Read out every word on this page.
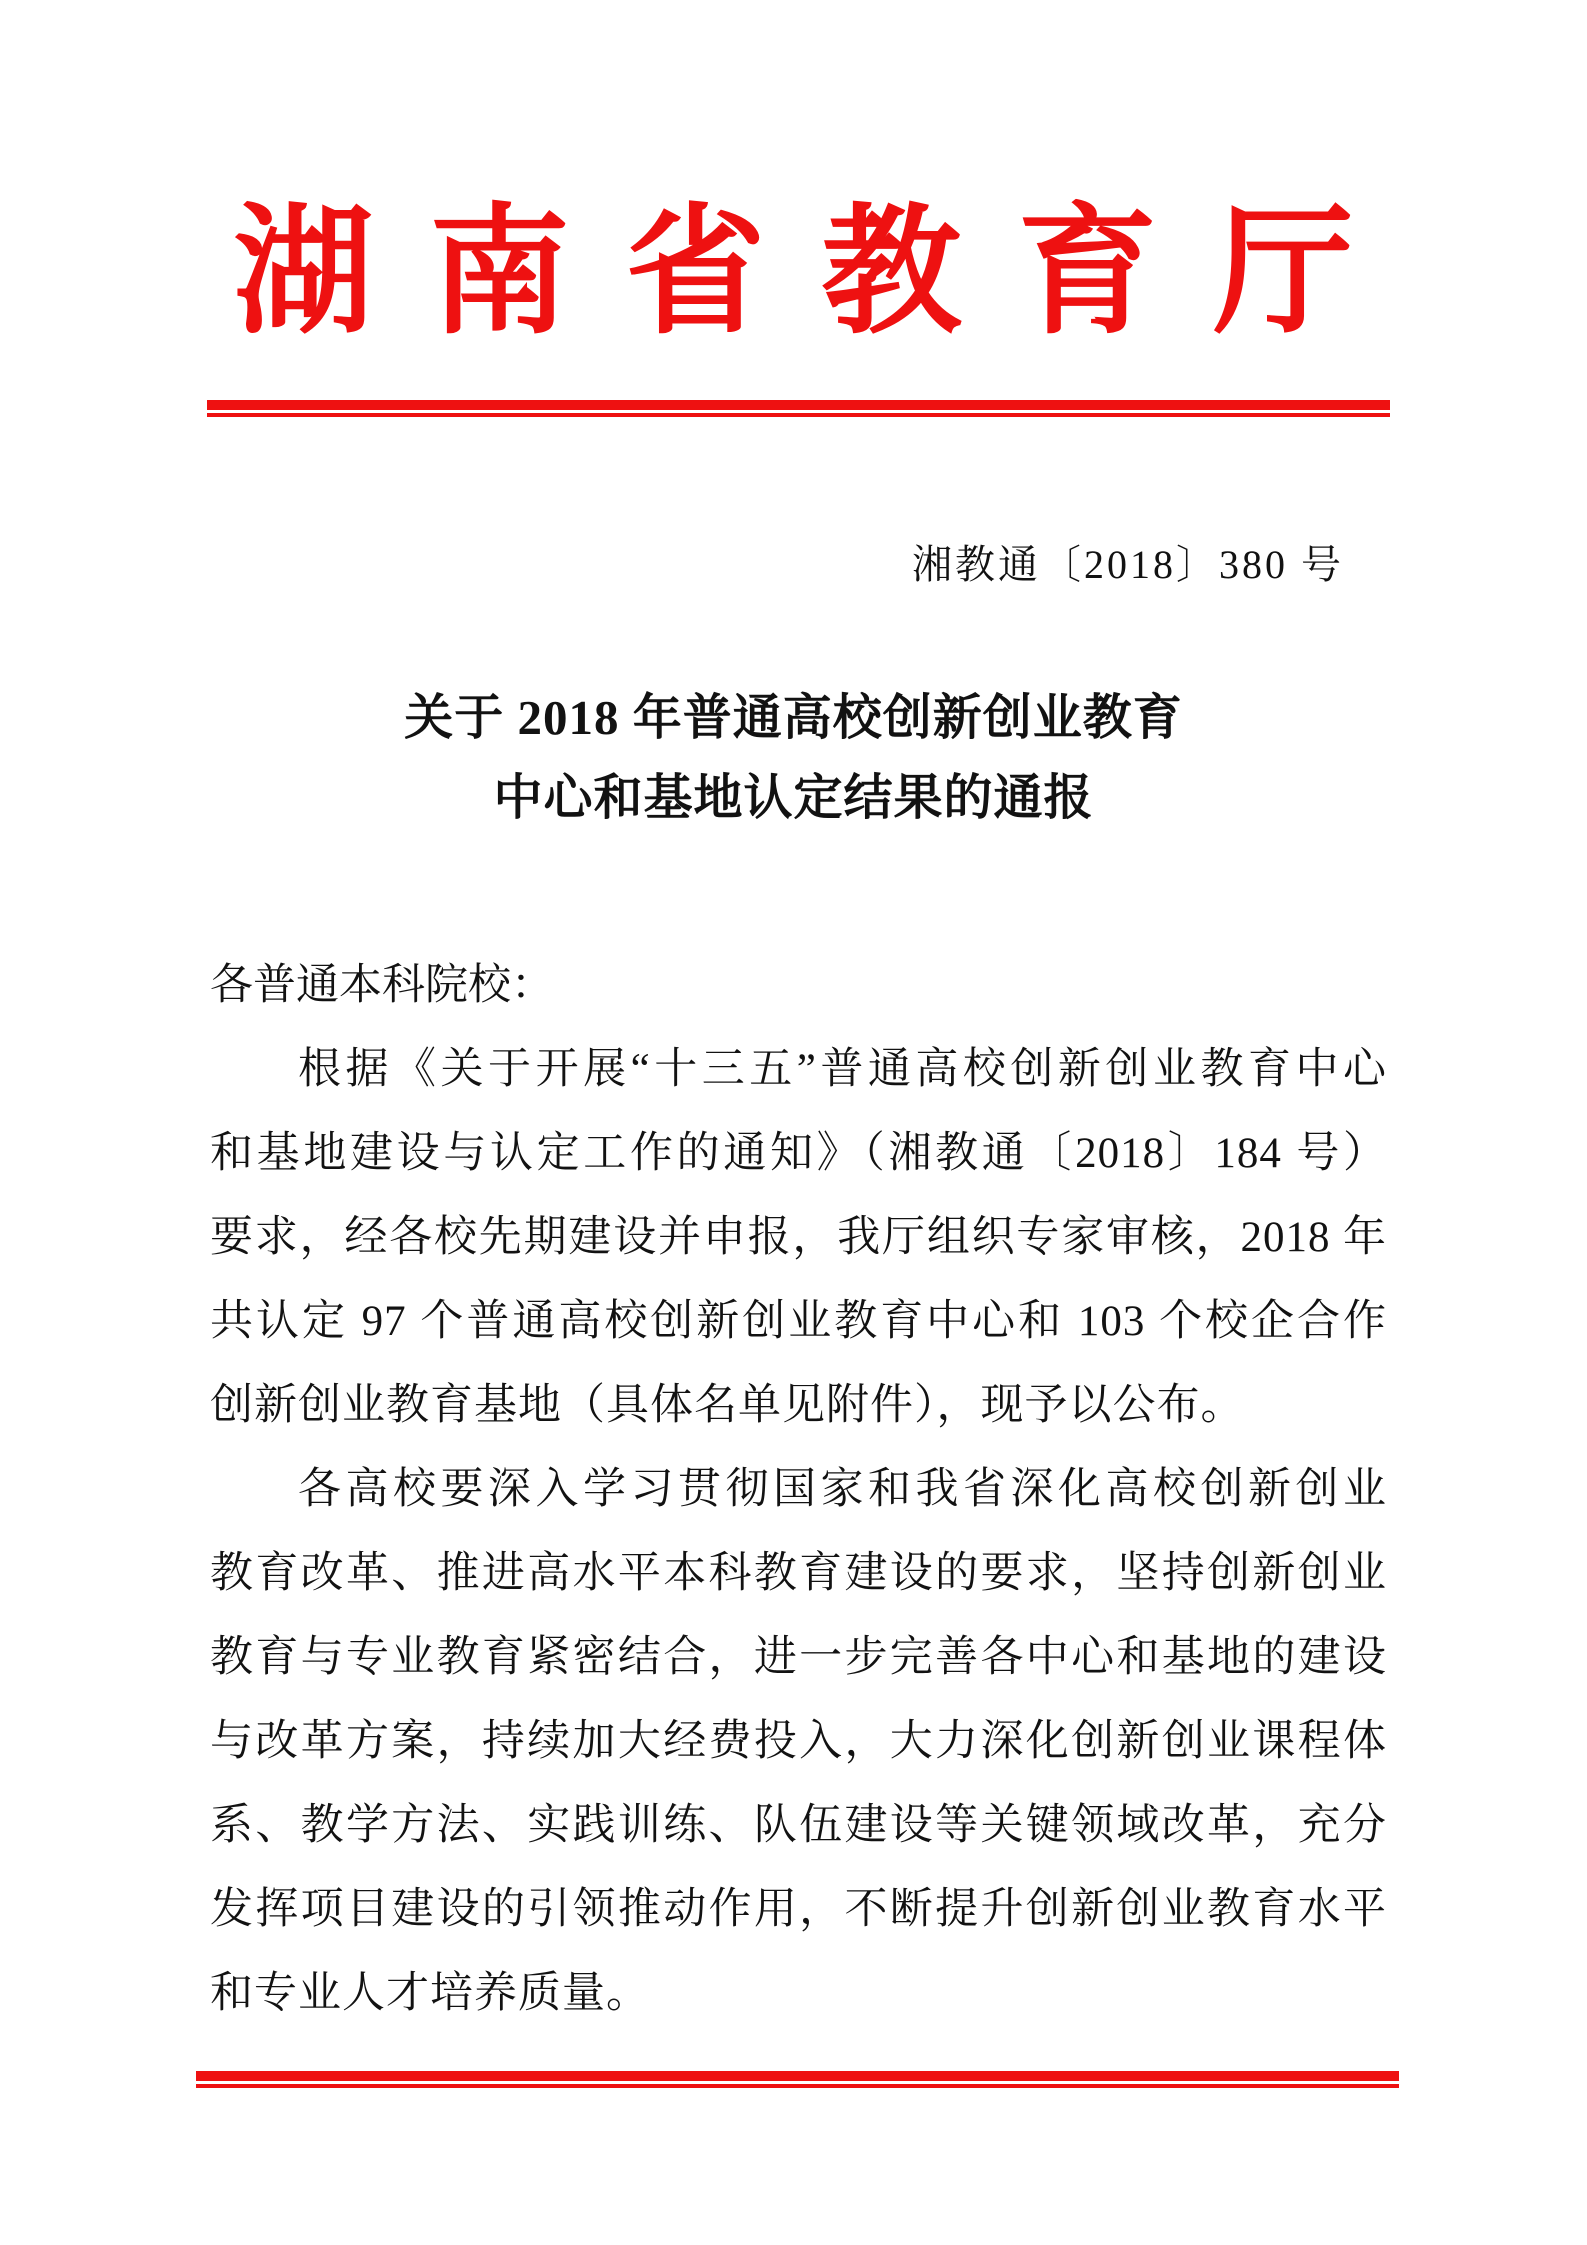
湖南省教育厅
湘教通〔2018〕380 号
关于 2018 年普通高校创新创业教育
中心和基地认定结果的通报
各普通本科院校：
根据《关于开展“十三五”普通高校创新创业教育中心
和基地建设与认定工作的通知》（湘教通〔2018〕184 号）
要求，经各校先期建设并申报，我厅组织专家审核，2018 年
共认定 97 个普通高校创新创业教育中心和 103 个校企合作
创新创业教育基地（具体名单见附件），现予以公布。
各高校要深入学习贯彻国家和我省深化高校创新创业
教育改革、推进高水平本科教育建设的要求，坚持创新创业
教育与专业教育紧密结合，进一步完善各中心和基地的建设
与改革方案，持续加大经费投入，大力深化创新创业课程体
系、教学方法、实践训练、队伍建设等关键领域改革，充分
发挥项目建设的引领推动作用，不断提升创新创业教育水平
和专业人才培养质量。
